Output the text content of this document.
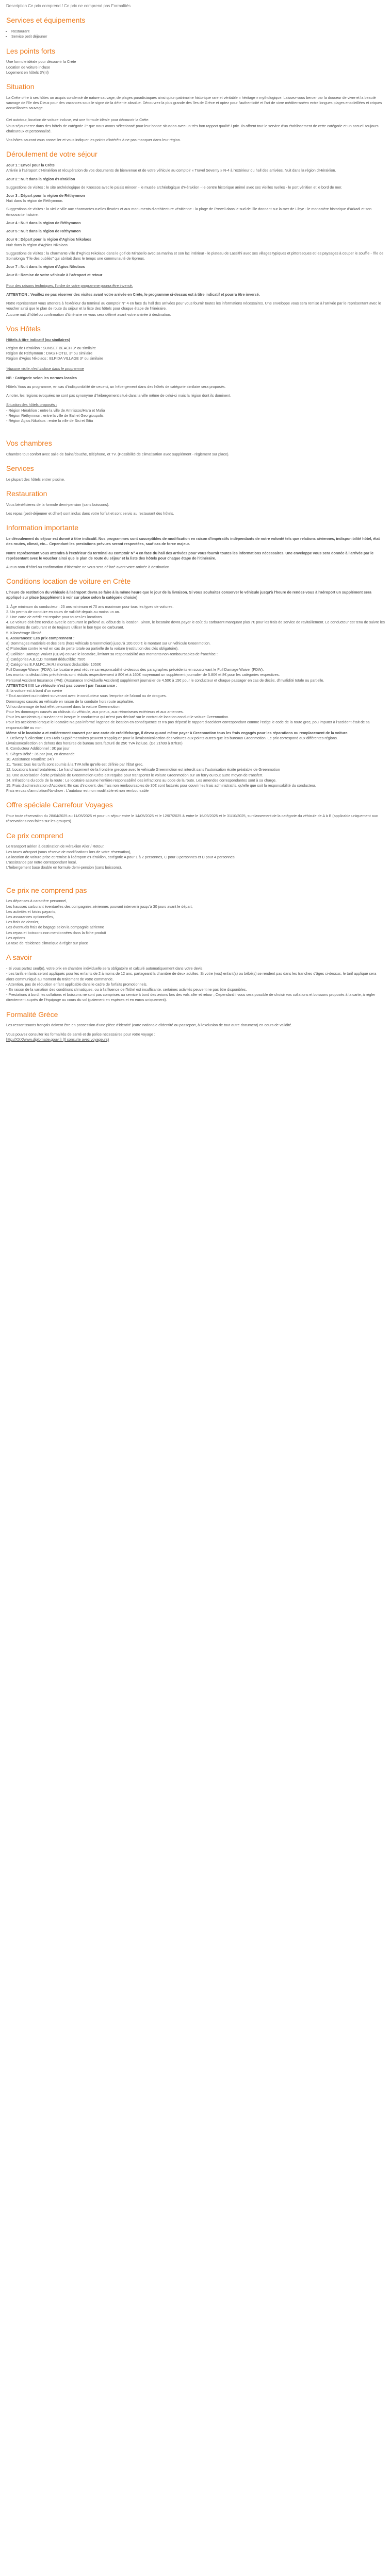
Description Ce prix comprend / Ce prix ne comprend pas Formalités
Services et équipements
• Restaurant
• Service petit déjeuner
Les points forts
Une formule idéale pour découvrir la Crète
Location de voiture incluse
Logement en hôtels 3*(nl)
Situation

La Crète offre à ses hôtes un acquis condensé de nature sauvage, de plages paradisiaques ainsi qu'un patrimoine historique rare et véritable « héritage » mythologique. Laissez-vous bercer par la douceur de vivre et la beauté sauvage de l'île des Dieux pour des vacances sous le signe de la détente absolue. Découvrez la plus grande des îles de Grèce et optez pour l'authenticité et l'art de vivre méditerranéen entre longues plages ensoleillées et criques accueillantes sauvage.

Cet autotour, location de voiture incluse, est une formule idéale pour découvrir la Crète.

Vous séjournerez dans des hôtels de catégorie 3* que nous avons sélectionné pour leur bonne situation avec un très bon rapport qualité / prix. Ils offrent tout le service d'un établissement de cette catégorie et un accueil toujours chaleureux et personnalisé.

Vos hôtes sauront vous conseiller et vous indiquer les points d'intérêts à ne pas manquer dans leur région.

Déroulement de votre séjour
Jour 1 : Envol pour la Crète
Arrivée à l'aéroport d'Héraklion et récupération de vos documents de bienvenue et de votre véhicule au comptoir « Travel Seventy » N-4 à l'extérieur du hall des arrivées. Nuit dans la région d'Héraklion.
Jour 2 : Nuit dans la région d'Héraklion
Suggestions de visites : le site archéologique de Knossos avec le palais minoen - le musée archéologique d'Héraklion - le centre historique animé avec ses vieilles ruelles - le port vénitien et le bord de mer.
Jour 3 : Départ pour la région de Réthymnon
Nuit dans la région de Réthymnon.
Suggestions de visites : la vieille ville aux charmantes ruelles fleuries et aux monuments d'architecture vénitienne - la plage de Preveli dans le sud de l'île donnant sur la mer de Libye - le monastère historique d'Arkadi et son émouvante histoire.
Jour 4 : Nuit dans la région de Réthymnon
Jour 5 : Nuit dans la région de Réthymnon
Jour 6 : Départ pour la région d'Aghios Nikolaos
Nuit dans la région d'Aghios Nikolaos.
Suggestions de visites : la charmante ville d'Aghios Nikolaos dans le golf de Mirabello avec sa marina et son lac intérieur - le plateau de Lassithi avec ses villages typiques et pittoresques et les paysages à couper le souffle - l'île de Spinalonga "l'île des oubliés" qui abritait dans le temps une communauté de lépreux.
Jour 7 : Nuit dans la région d'Agios Nikolaos
Jour 8 : Remise de votre véhicule à l'aéroport et retour

Pour des raisons techniques, l'ordre de votre programme pourra être inversé.

ATTENTION : Veuillez ne pas réserver des visites avant votre arrivée en Crète, le programme ci-dessus est à titre indicatif et pourra être inversé.

Notre représentant vous attendra à l'extérieur du terminal au comptoir N° 4 en face du hall des arrivées pour vous fournir toutes les informations nécessaires. Une enveloppe vous sera remise à l'arrivée par le représentant avec le voucher ainsi que le plan de route du séjour et la liste des hôtels pour chaque étape de l'itinéraire.

Aucune nuit d'hôtel ou confirmation d'itinéraire ne vous sera délivré avant votre arrivée à destination.

Vos Hôtels
Hôtels à titre indicatif (ou similaires)
Région de Héraklion : SUNSET BEACH 3* ou similaire
Région de Réthymnon : DIAS HOTEL 3* ou similaire
Région d'Agios Nikolaos : ELPIDA VILLAGE 3* ou similaire

*Aucune visite n'est incluse dans le programme

NB : Catégorie selon les normes locales

Hôtels Vous au programme, en cas d'indisponibilité de ceux-ci, un hébergement dans des hôtels de catégorie similaire sera proposés.

A noter, les régions évoquées ne sont pas synonyme d'hébergement situé dans la ville même de celui-ci mais la région dont ils dominent.

Situation des hôtels proposés :
- Région Héraklion : entre la ville de Amnissos/Hara et Malia
- Région Réthymnon : entre la ville de Bali et Georgioupolis
- Région Agios Nikolaos : entre la ville de Sisi et Sitia
Vos chambres

Chambre tout confort avec salle de bains/douche, téléphone, et TV. (Possibilité de climatisation avec supplément - règlement sur place).

Services

Le plupart des hôtels entrer piscine.

Restauration

Vous bénéficierez de la formule demi-pension (sans boissons).

Les repas (petit-déjeuner et dîner) sont inclus dans votre forfait et sont servis au restaurant des hôtels.

Information importante

Le déroulement du séjour est donné à titre indicatif. Nos programmes sont susceptibles de modification en raison d'impératifs indépendants de notre volonté tels que relations aériennes, indisponibilité hôtel, état des routes, climat, etc... Cependant les prestations prévues seront respectées, sauf cas de force majeur.

Notre représentant vous attendra à l'extérieur du terminal au comptoir N° 4 en face du hall des arrivées pour vous fournir toutes les informations nécessaires. Une enveloppe vous sera donnée à l'arrivée par le représentant avec le voucher ainsi que le plan de route du séjour et la liste des hôtels pour chaque étape de l'itinéraire.

Aucun nom d'hôtel ou confirmation d'itinéraire ne vous sera délivré avant votre arrivée à destination.

Conditions location de voiture en Crète

L'heure de restitution du véhicule à l'aéroport devra se faire à la même heure que le jour de la livraison. Si vous souhaitez conserver le véhicule jusqu'à l'heure de rendez-vous à l'aéroport un supplément sera appliqué sur place (supplément à voir sur place selon la catégorie choisie)

1. Âge minimum du conducteur : 23 ans minimum et 70 ans maximum pour tous les types de voitures.
2. Un permis de conduire en cours de validité depuis au moins un an.
3. Une carte de crédit est requise pour toutes les locations.
4. Le voiture doit être rendue avec le carburant le prélevé au début de la location. Sinon, le locataire devra payer le coût du carburant manquant plus 7€ pour les frais de service de ravitaillement. Le conducteur est tenu de suivre les instructions de carburant et de toujours utiliser le bon type de carburant.
5. Kilométrage illimité.
6. Assurances: Les prix comprennent :
a) Dommages matériels et des tiers (hors véhicule Greenmotion) jusqu'à 100.000 € le montant sur un véhicule Greenmotion.
c) Protection contre le vol en cas de perte totale ou partielle de la voiture (restitution des clés obligatoire).
d) Collision Damage Waiver (CDW) couvre le locataire, limitant sa responsabilité aux montants non-remboursables de franchise :
1) Catégories A,B,C,D montant déductible: 750€
2) Catégories E,F,M,FC,JH,R,I montant déductible: 1050€
Full Damage Waiver (FDW): Le locataire peut réduire sa responsabilité ci-dessus des paragraphes précédents en souscrivant le Full Damage Waiver (FDW).
Les montants déductibles précédents sont réduits respectivement à 80€ et à 160€ moyennant un supplément journalier de 5.80€ et 8€ pour les catégories respectives.
Personal Accident Insurance (PAI): (Assurance Individuelle Accident) supplément journalier de 4.50€ à 15€ pour le conducteur et chaque passager en cas de décès, d'invalidité totale ou partielle.
ATTENTION !!!!! Le véhicule n'est pas couvert par l'assurance :
Si la voiture est à bord d'un navire
* Tout accident ou incident survenant avec le conducteur sous l'emprise de l'alcool ou de drogues.
Dommages causés au véhicule en raison de la conduite hors route asphaltée.
Vol ou dommage de tout effet personnel dans la voiture Greenmotion
Pour les dommages causés au châssis du véhicule, aux pneus, aux rétroviseurs extérieurs et aux antennes.
Pour les accidents qui surviennent lorsque le conducteur qui m'est pas déclaré sur le contrat de location conduit le voiture Greenmotion.
Pour les accidents lorsque le locataire n'a pas informé l'agence de location en conséquence et n'a pas déposé le rapport d'accident correspondant comme l'exige le code de la route grec, pou imputer à l'accident était de sa responsabilité ou non.
Même si le locataire a et entièrement couvert par une carte de crédit/charge, il devra quand même payer à Greenmotion tous les frais engagés pour les réparations ou remplacement de la voiture.
7. Delivery /Collection: Des Frais Supplémentaires peuvent s'appliquer pour la livraison/collection des voitures aux points autres que les bureaux Greenmotion. Le prix correspond aux différentes régions.
Livraison/collection en dehors des horaires de bureau sera facturé de 25€ TVA incluse. (De 21h00 à 07h30)
8. Conducteur Additionnel : 3€ par jour
9. Sièges Bébé : 3€ par jour, en demande
10. Assistance Routière: 24/7
11. Taxes: tous les tarifs sont soumis à la TVA telle qu'elle est définie par l'État grec.
12. Locations transfrontalières : Le franchissement de la frontière grecque avec le véhicule Greenmotion est interdit sans l'autorisation écrite préalable de Greenmotion
13. Une autorisation écrite préalable de Greenmotion Crète est requise pour transporter le voiture Greenmotion sur un ferry ou tout autre moyen de transfert.
14. Infractions du code de la route : Le locataire assume l'entière responsabilité des infractions au code de la route. Les amendes correspondantes sont à sa charge.
15. Frais d'administration d'Accident: En cas d'incident, des frais non remboursables de 30€ sont facturés pour couvrir les frais administratifs, qu'elle que soit la responsabilité du conducteur.
Fraiz en cas d'annulation/No-show : L'autotour est non modifiable et non remboursable
Offre spéciale Carrefour Voyages

Pour toute réservation du 28/04/2025 au 11/05/2025 et pour un séjour entre le 14/05/2025 et le 12/07/2025 & entre le 16/09/2025 et le 31/10/2025, surclassement de la catégorie du véhicule de A à B (applicable uniquement aux réservations non faites sur les groupes).

Ce prix comprend
Le transport aérien à destination de Héraklion Aller / Retour,
Les taxes aéroport (sous réserve de modifications lors de votre réservation),
La location de voiture prise et remise à l'aéroport d'Héraklion, catégorie A pour 1 à 2 personnes, C pour 3 personnes et D pour 4 personnes.
L'assistance par notre correspondant local,
L'hébergement base double en formule demi-pension (sans boissons).
Ce prix ne comprend pas
Les dépenses à caractère personnel,
Les hausses carburant éventuelles des compagnies aériennes pouvant intervenir jusqu'à 30 jours avant le départ,
Les activités et loisirs payants,
Les assurances optionnelles,
Les frais de dossier,
Les éventuels frais de bagage selon la compagnie aérienne
Les repas et boissons non mentionnées dans la fiche produit
Les options
La taxe de résidence climatique à régler sur place
A savoir
- Si vous partez seul(e), votre prix en chambre individuelle sera obligatoire et calculé automatiquement dans votre devis.
- Les tarifs enfants seront appliqués pour les enfants de 2 à moins de 12 ans, partageant la chambre de deux adultes. Si votre (vos) enfant(s) ou bébé(s) se rendent pas dans les tranches d'âges ci-dessus, le tarif appliqué sera alors communiqué au moment du traitement de votre commande.
- Attention, pas de réduction enfant applicable dans le cadre de forfaits promotionnels.
- En raison de la variation des conditions climatiques, ou à l'affluence de l'hôtel est insuffisante, certaines activités peuvent ne pas être disponibles.
- Prestations à bord: les collations et boissons ne sont pas comprises au service à bord des avions lors des vols aller et retour ; Cependant il vous sera possible de choisir vos collations et boissons proposés à la carte, à régler directement auprès de l'équipage au cours du vol (paiement en espèces et en euros uniquement).
Formalité Grèce

Les ressortissants français doivent être en possession d'une pièce d'identité (carte nationale d'identité ou passeport, à l'exclusion de tout autre document) en cours de validité.

Vous pouvez consulter les formalités de santé et de police nécessaires pour votre voyage :

http://XXX/www.diplomatie.gouv.fr (Il consulte avec voyageurs)
